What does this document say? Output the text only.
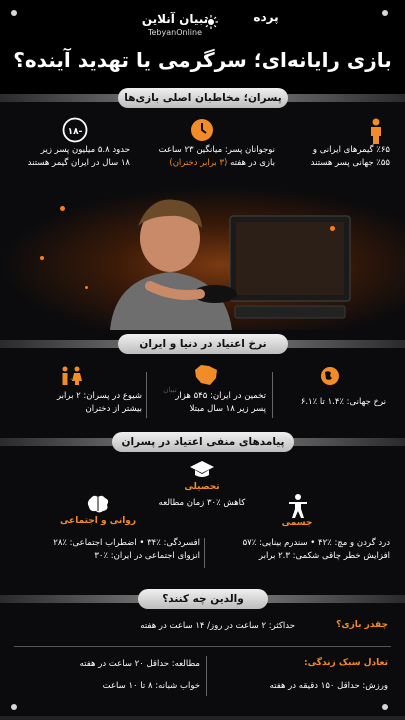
پرده
تبیان آنلاین
TebyanOnline
بازی رایانه‌ای؛ سرگرمی یا تهدید آینده؟
پسران؛ مخاطبان اصلی بازی‌ها
٪۶۵ گیمرهای ایرانی و
٪۵۵ جهانی پسر هستند
نوجوانان پسر: میانگین ۲۳ ساعت
بازی در هفته (۳ برابر دختران)
-۱۸
حدود ۵.۸ میلیون پسر زیر
۱۸ سال در ایران گیمر هستند
نرخ اعتیاد در دنیا و ایران
نرخ جهانی: ٪۱.۴ تا ٪۶.۱
تبیان
تخمین در ایران: ۵۴۵ هزار
پسر زیر ۱۸ سال مبتلا
،
شیوع در پسران: ۲ برابر
بیشتر از دختران
پیامدهای منفی اعتیاد در پسران
تحصیلی
کاهش ٪۳۰ زمان مطالعه
جسمی
روانی و اجتماعی
درد گردن و مچ: ٪۴۲ • سندرم بینایی: ٪۵۷
افزایش خطر چاقی شکمی: ۲.۳ برابر
افسردگی: ٪۳۴ • اضطراب اجتماعی: ٪۲۸
انزوای اجتماعی در ایران: ٪۳۰
والدین چه کنند؟
چقدر بازی؟
حداکثر: ۲ ساعت در روز/ ۱۴ ساعت در هفته
تعادل سبک زندگی:
ورزش: حداقل ۱۵۰ دقیقه در هفته
مطالعه: حداقل ۲۰ ساعت در هفته
خواب شبانه: ۸ تا ۱۰ ساعت
